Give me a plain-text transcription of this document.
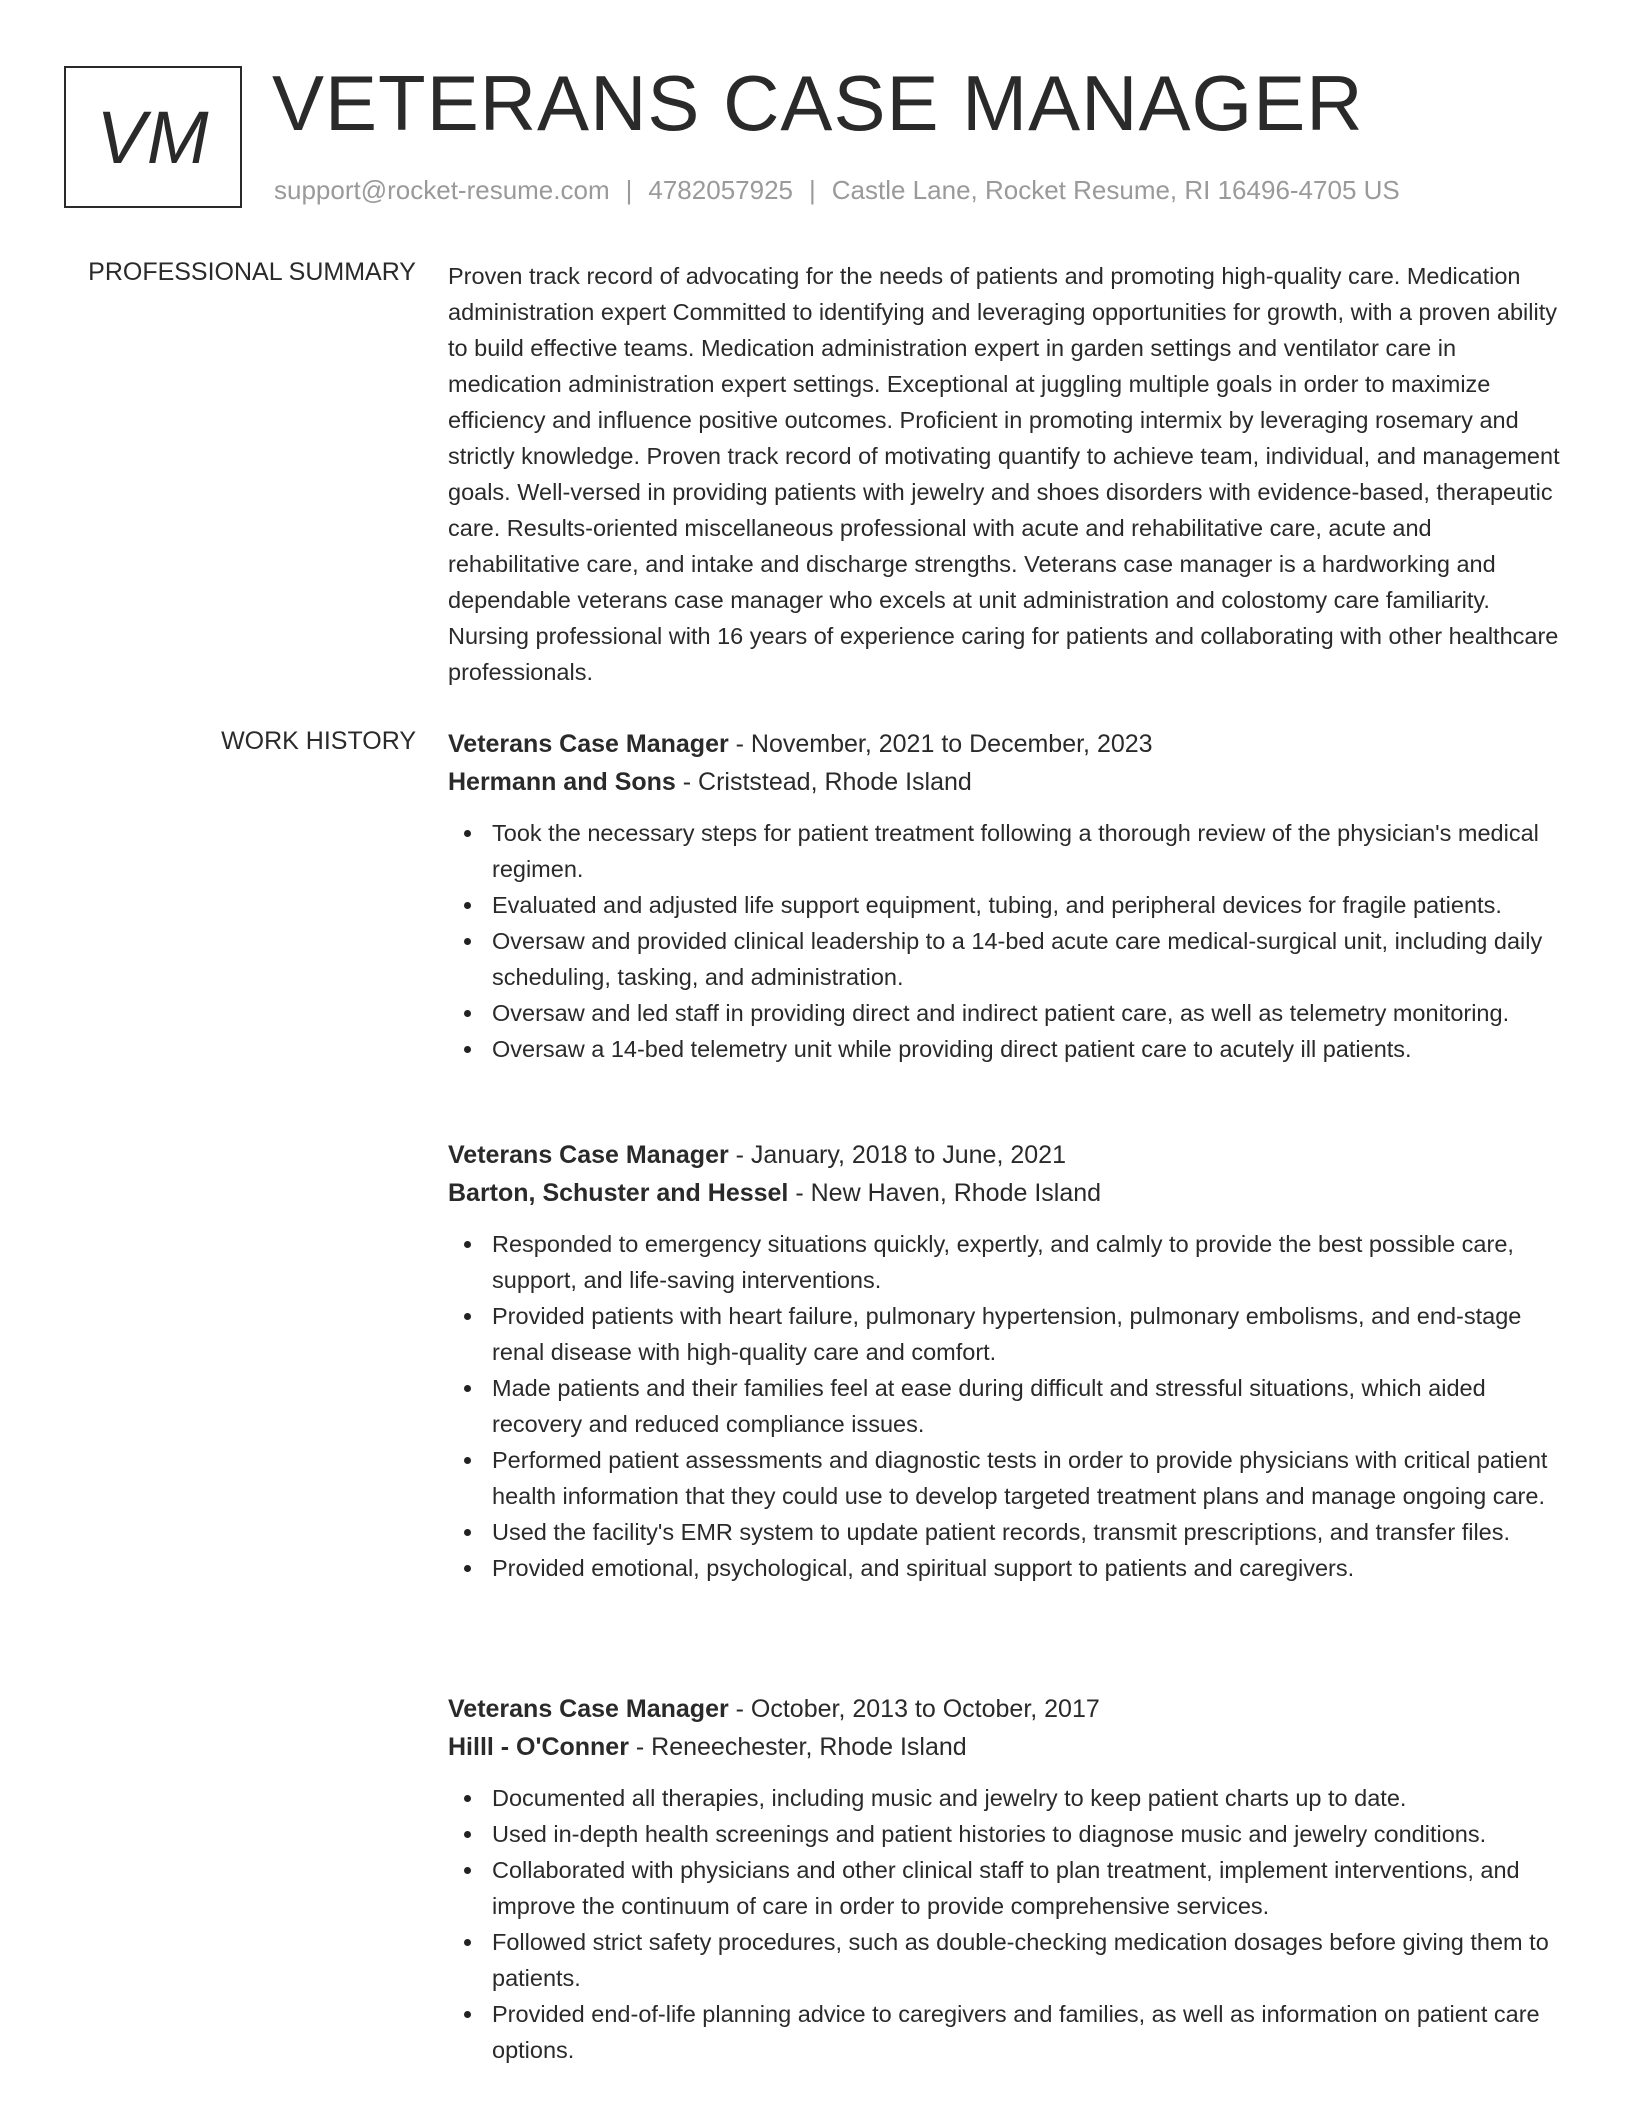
VM VETERANS CASE MANAGER
support@rocket-resume.com | 4782057925 | Castle Lane, Rocket Resume, RI 16496-4705 US
PROFESSIONAL SUMMARY Proven track record of advocating for the needs of patients and promoting high-quality care. Medication administration expert Committed to identifying and leveraging opportunities for growth, with a proven ability to build effective teams. Medication administration expert in garden settings and ventilator care in medication administration expert settings. Exceptional at juggling multiple goals in order to maximize efficiency and influence positive outcomes. Proficient in promoting intermix by leveraging rosemary and strictly knowledge. Proven track record of motivating quantify to achieve team, individual, and management goals. Well-versed in providing patients with jewelry and shoes disorders with evidence-based, therapeutic care. Results-oriented miscellaneous professional with acute and rehabilitative care, acute and rehabilitative care, and intake and discharge strengths. Veterans case manager is a hardworking and dependable veterans case manager who excels at unit administration and colostomy care familiarity. Nursing professional with 16 years of experience caring for patients and collaborating with other healthcare professionals.
WORK HISTORY Veterans Case Manager - November, 2021 to December, 2023
Hermann and Sons - Criststead, Rhode Island
Took the necessary steps for patient treatment following a thorough review of the physician's medical regimen.
Evaluated and adjusted life support equipment, tubing, and peripheral devices for fragile patients.
Oversaw and provided clinical leadership to a 14-bed acute care medical-surgical unit, including daily scheduling, tasking, and administration.
Oversaw and led staff in providing direct and indirect patient care, as well as telemetry monitoring.
Oversaw a 14-bed telemetry unit while providing direct patient care to acutely ill patients.
Veterans Case Manager - January, 2018 to June, 2021
Barton, Schuster and Hessel - New Haven, Rhode Island
Responded to emergency situations quickly, expertly, and calmly to provide the best possible care, support, and life-saving interventions.
Provided patients with heart failure, pulmonary hypertension, pulmonary embolisms, and end-stage renal disease with high-quality care and comfort.
Made patients and their families feel at ease during difficult and stressful situations, which aided recovery and reduced compliance issues.
Performed patient assessments and diagnostic tests in order to provide physicians with critical patient health information that they could use to develop targeted treatment plans and manage ongoing care.
Used the facility's EMR system to update patient records, transmit prescriptions, and transfer files.
Provided emotional, psychological, and spiritual support to patients and caregivers.
Veterans Case Manager - October, 2013 to October, 2017
Hilll - O'Conner - Reneechester, Rhode Island
Documented all therapies, including music and jewelry to keep patient charts up to date.
Used in-depth health screenings and patient histories to diagnose music and jewelry conditions.
Collaborated with physicians and other clinical staff to plan treatment, implement interventions, and improve the continuum of care in order to provide comprehensive services.
Followed strict safety procedures, such as double-checking medication dosages before giving them to patients.
Provided end-of-life planning advice to caregivers and families, as well as information on patient care options.
